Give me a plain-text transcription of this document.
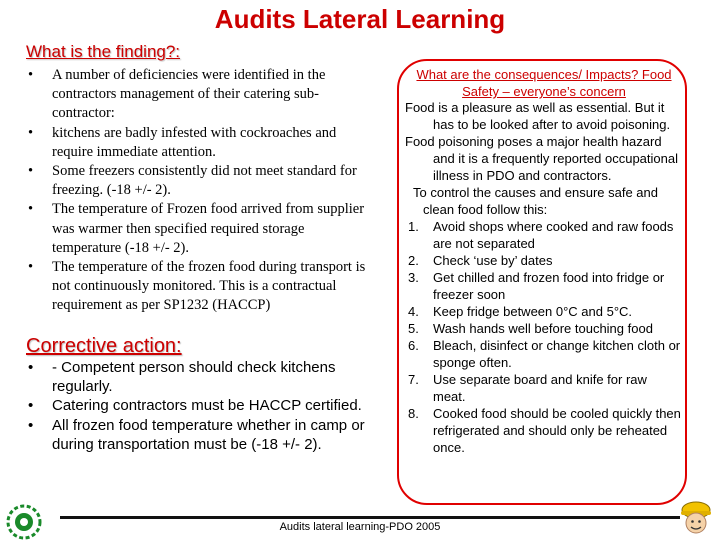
Audits Lateral Learning
What is the finding?:
• A number of deficiencies were identified in the contractors management of their catering sub-contractor:
• kitchens are badly infested with cockroaches and require immediate attention.
• Some freezers consistently did not meet standard for freezing. (-18 +/- 2).
• The temperature of Frozen food arrived from supplier was warmer then specified required storage temperature (-18 +/- 2).
• The temperature of the frozen food during transport is not continuously monitored. This is a contractual requirement as per SP1232 (HACCP)
Corrective action:
• - Competent person should check kitchens regularly.
• Catering contractors must be HACCP certified.
• All frozen food temperature whether in camp or during transportation must be (-18 +/- 2).
What are the consequences/ Impacts? Food Safety – everyone’s concern
Food is a pleasure as well as essential. But it has to be looked after to avoid poisoning.
Food poisoning poses a major health hazard and it is a frequently reported occupational illness in PDO and contractors.
To control the causes and ensure safe and clean food follow this:
1. Avoid shops where cooked and raw foods are not separated
2. Check ‘use by’ dates
3. Get chilled and frozen food into fridge or freezer soon
4. Keep fridge between 0°C and 5°C.
5. Wash hands well before touching food
6. Bleach, disinfect or change kitchen cloth or sponge often.
7. Use separate board and knife for raw meat.
8. Cooked food should be cooled quickly then refrigerated and should only be reheated once.
Audits lateral learning-PDO 2005
